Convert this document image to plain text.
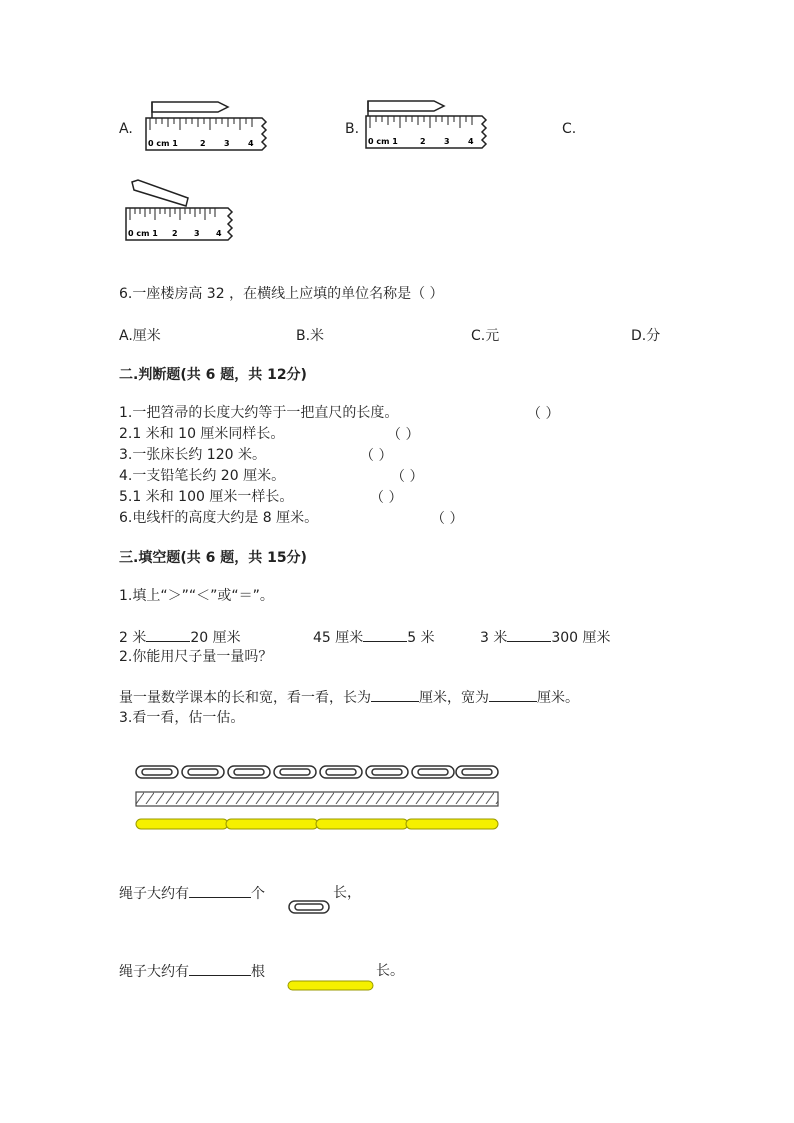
A.
0 cm 1	2 3 4
B.
0 cm 1	2 3 4
C.
0 cm 1 2 3 4
6.一座楼房高 32 ，在横线上应填的单位名称是（ ）
A.厘米	B.米	C.元	D.分
二.判断题(共 6 题，共 12分)
1.一把笤帚的长度大约等于一把直尺的长度。	（ ）
2.1 米和 10 厘米同样长。	（ ）
3.一张床长约 120 米。	（ ）
4.一支铅笔长约 20 厘米。	（ ）
5.1 米和 100 厘米一样长。	（ ）
6.电线杆的高度大约是 8 厘米。	（ ）
三.填空题(共 6 题，共 15分)
1.填上“＞”“＜”或“＝”。
2 米	20 厘米	45 厘米	5 米	3 米	300 厘米
2.你能用尺子量一量吗？
量一量数学课本的长和宽，看一看，长为	厘米，宽为	厘米。
3.看一看，估一估。
绳子大约有	个	长，
绳子大约有	根	长。
